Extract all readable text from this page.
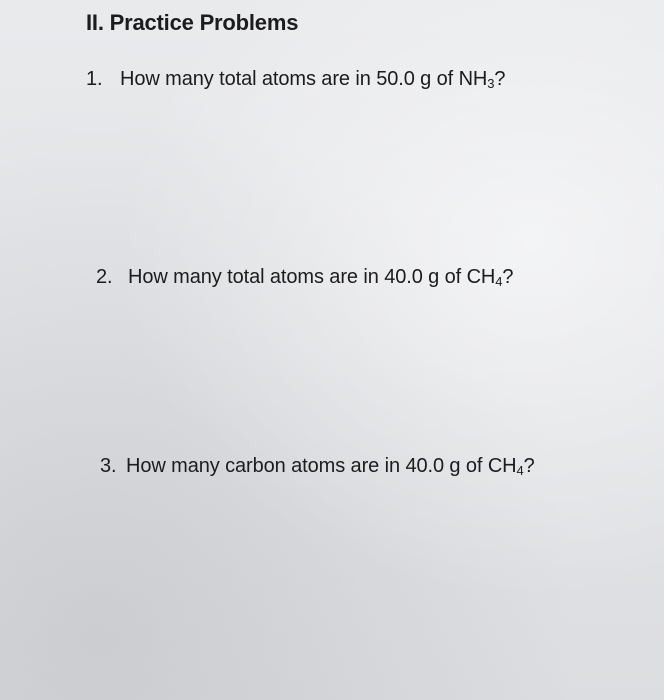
II. Practice Problems
1. How many total atoms are in 50.0 g of $NH_3$?
2. How many total atoms are in 40.0 g of $CH_4$?
3. How many carbon atoms are in 40.0 g of $CH_4$?
